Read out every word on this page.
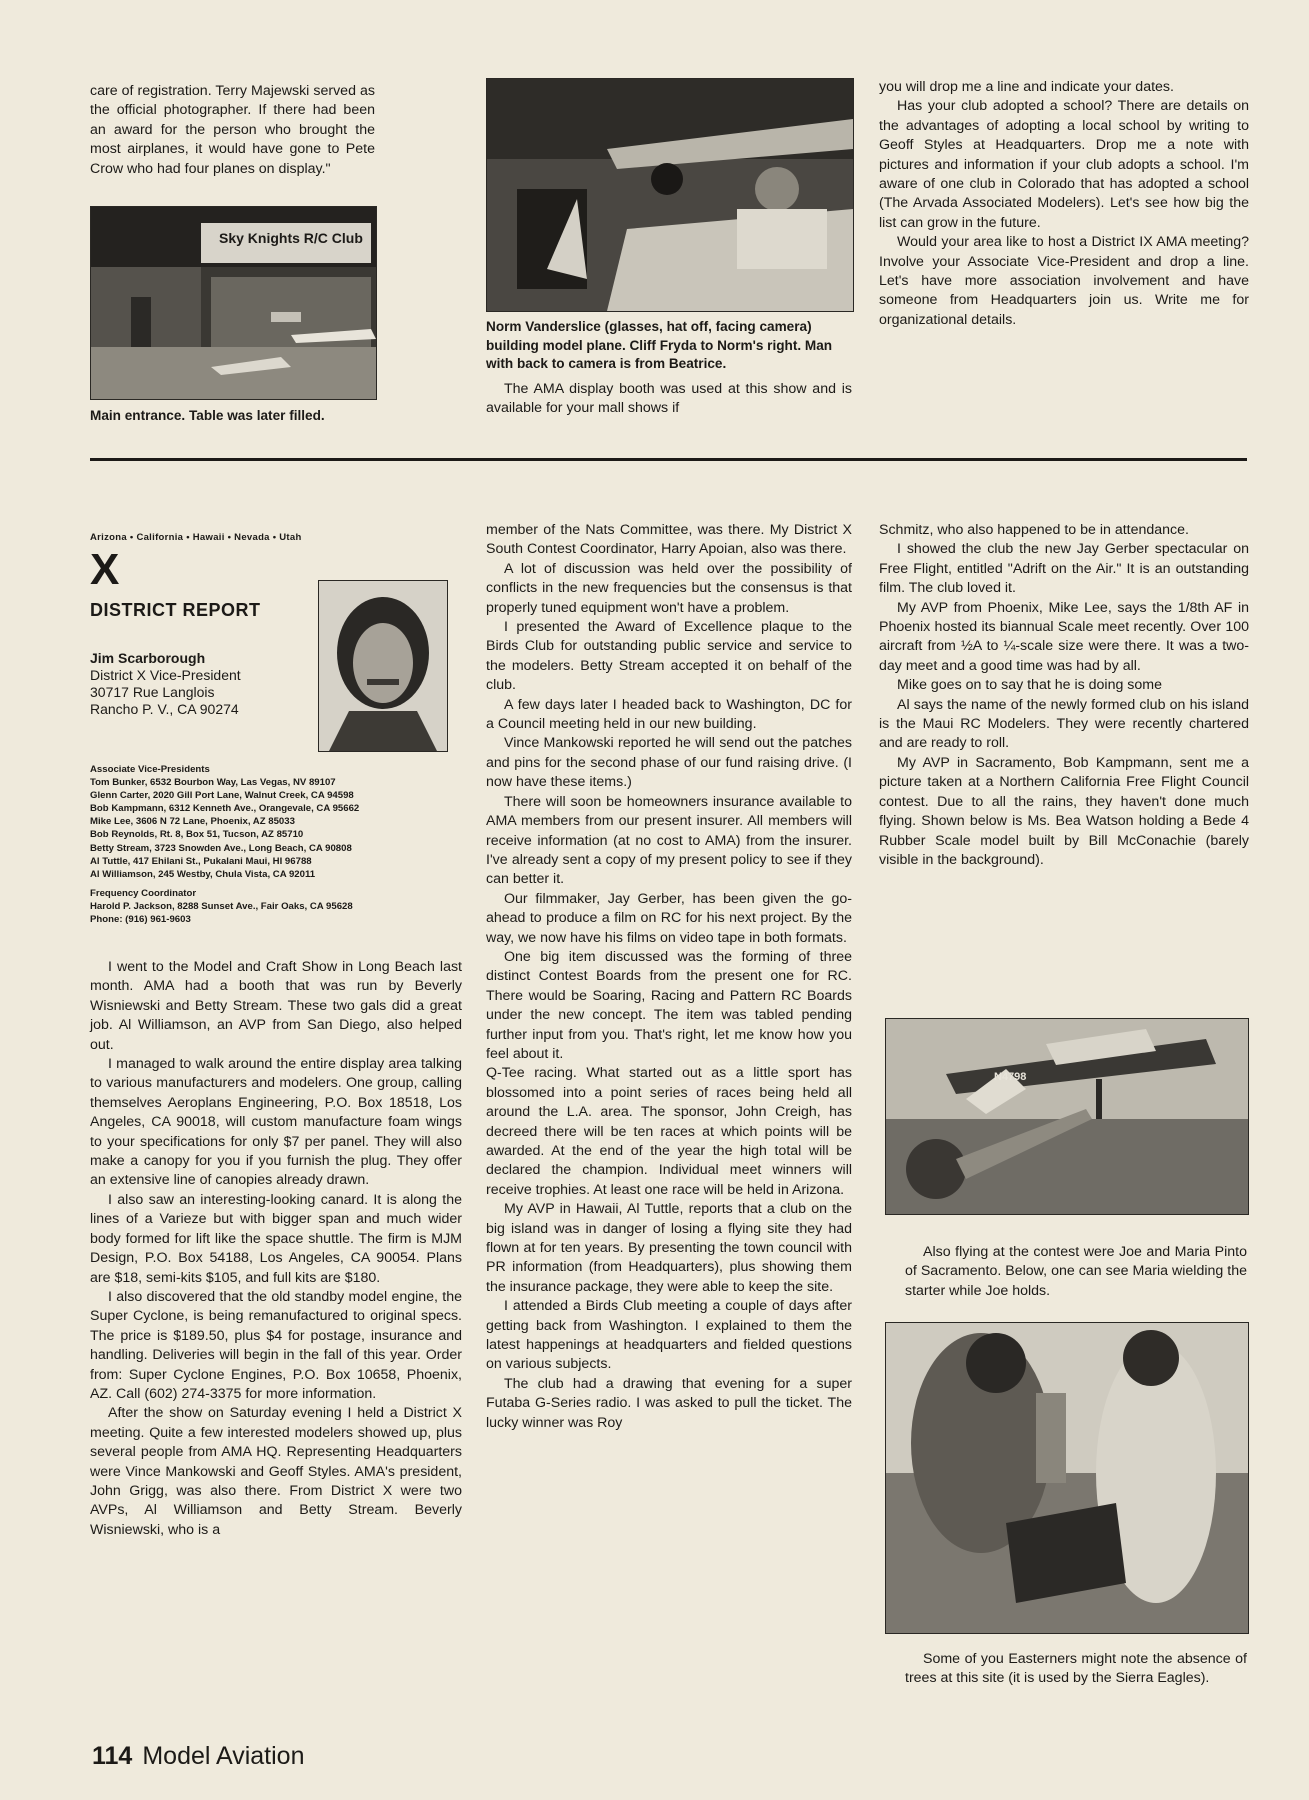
care of registration. Terry Majewski served as the official photographer. If there had been an award for the person who brought the most airplanes, it would have gone to Pete Crow who had four planes on display."

Sky Knights R/C Club

Main entrance. Table was later filled.

Norm Vanderslice (glasses, hat off, facing camera) building model plane. Cliff Fryda to Norm's right. Man with back to camera is from Beatrice.

The AMA display booth was used at this show and is available for your mall shows if

you will drop me a line and indicate your dates.

Has your club adopted a school? There are details on the advantages of adopting a local school by writing to Geoff Styles at Headquarters. Drop me a note with pictures and information if your club adopts a school. I'm aware of one club in Colorado that has adopted a school (The Arvada Associated Modelers). Let's see how big the list can grow in the future.

Would your area like to host a District IX AMA meeting? Involve your Associate Vice-President and drop a line. Let's have more association involvement and have someone from Headquarters join us. Write me for organizational details.

Arizona • California • Hawaii • Nevada • Utah

X

DISTRICT REPORT

Jim Scarborough

District X Vice-President

30717 Rue Langlois

Rancho P. V., CA 90274

Associate Vice-Presidents

Tom Bunker, 6532 Bourbon Way, Las Vegas, NV 89107

Glenn Carter, 2020 Gill Port Lane, Walnut Creek, CA 94598

Bob Kampmann, 6312 Kenneth Ave., Orangevale, CA 95662

Mike Lee, 3606 N 72 Lane, Phoenix, AZ 85033

Bob Reynolds, Rt. 8, Box 51, Tucson, AZ 85710

Betty Stream, 3723 Snowden Ave., Long Beach, CA 90808

Al Tuttle, 417 Ehilani St., Pukalani Maui, HI 96788

Al Williamson, 245 Westby, Chula Vista, CA 92011

Frequency Coordinator

Harold P. Jackson, 8288 Sunset Ave., Fair Oaks, CA 95628

Phone: (916) 961-9603

I went to the Model and Craft Show in Long Beach last month. AMA had a booth that was run by Beverly Wisniewski and Betty Stream. These two gals did a great job. Al Williamson, an AVP from San Diego, also helped out.

I managed to walk around the entire display area talking to various manufacturers and modelers. One group, calling themselves Aeroplans Engineering, P.O. Box 18518, Los Angeles, CA 90018, will custom manufacture foam wings to your specifications for only $7 per panel. They will also make a canopy for you if you furnish the plug. They offer an extensive line of canopies already drawn.

I also saw an interesting-looking canard. It is along the lines of a Varieze but with bigger span and much wider body formed for lift like the space shuttle. The firm is MJM Design, P.O. Box 54188, Los Angeles, CA 90054. Plans are $18, semi-kits $105, and full kits are $180.

I also discovered that the old standby model engine, the Super Cyclone, is being remanufactured to original specs. The price is $189.50, plus $4 for postage, insurance and handling. Deliveries will begin in the fall of this year. Order from: Super Cyclone Engines, P.O. Box 10658, Phoenix, AZ. Call (602) 274-3375 for more information.

After the show on Saturday evening I held a District X meeting. Quite a few interested modelers showed up, plus several people from AMA HQ. Representing Headquarters were Vince Mankowski and Geoff Styles. AMA's president, John Grigg, was also there. From District X were two AVPs, Al Williamson and Betty Stream. Beverly Wisniewski, who is a

member of the Nats Committee, was there. My District X South Contest Coordinator, Harry Apoian, also was there.

A lot of discussion was held over the possibility of conflicts in the new frequencies but the consensus is that properly tuned equipment won't have a problem.

I presented the Award of Excellence plaque to the Birds Club for outstanding public service and service to the modelers. Betty Stream accepted it on behalf of the club.

A few days later I headed back to Washington, DC for a Council meeting held in our new building.

Vince Mankowski reported he will send out the patches and pins for the second phase of our fund raising drive. (I now have these items.)

There will soon be homeowners insurance available to AMA members from our present insurer. All members will receive information (at no cost to AMA) from the insurer. I've already sent a copy of my present policy to see if they can better it.

Our filmmaker, Jay Gerber, has been given the go-ahead to produce a film on RC for his next project. By the way, we now have his films on video tape in both formats.

One big item discussed was the forming of three distinct Contest Boards from the present one for RC. There would be Soaring, Racing and Pattern RC Boards under the new concept. The item was tabled pending further input from you. That's right, let me know how you feel about it.

Q-Tee racing. What started out as a little sport has blossomed into a point series of races being held all around the L.A. area. The sponsor, John Creigh, has decreed there will be ten races at which points will be awarded. At the end of the year the high total will be declared the champion. Individual meet winners will receive trophies. At least one race will be held in Arizona.

My AVP in Hawaii, Al Tuttle, reports that a club on the big island was in danger of losing a flying site they had flown at for ten years. By presenting the town council with PR information (from Headquarters), plus showing them the insurance package, they were able to keep the site.

I attended a Birds Club meeting a couple of days after getting back from Washington. I explained to them the latest happenings at headquarters and fielded questions on various subjects.

The club had a drawing that evening for a super Futaba G-Series radio. I was asked to pull the ticket. The lucky winner was Roy

Schmitz, who also happened to be in attendance.

I showed the club the new Jay Gerber spectacular on Free Flight, entitled "Adrift on the Air." It is an outstanding film. The club loved it.

My AVP from Phoenix, Mike Lee, says the 1/8th AF in Phoenix hosted its biannual Scale meet recently. Over 100 aircraft from ½A to ¼-scale size were there. It was a two-day meet and a good time was had by all.

Mike goes on to say that he is doing some

Al says the name of the newly formed club on his island is the Maui RC Modelers. They were recently chartered and are ready to roll.

My AVP in Sacramento, Bob Kampmann, sent me a picture taken at a Northern California Free Flight Council contest. Due to all the rains, they haven't done much flying. Shown below is Ms. Bea Watson holding a Bede 4 Rubber Scale model built by Bill McConachie (barely visible in the background).

N4798

Also flying at the contest were Joe and Maria Pinto of Sacramento. Below, one can see Maria wielding the starter while Joe holds.

Some of you Easterners might note the absence of trees at this site (it is used by the Sierra Eagles).

114 Model Aviation
